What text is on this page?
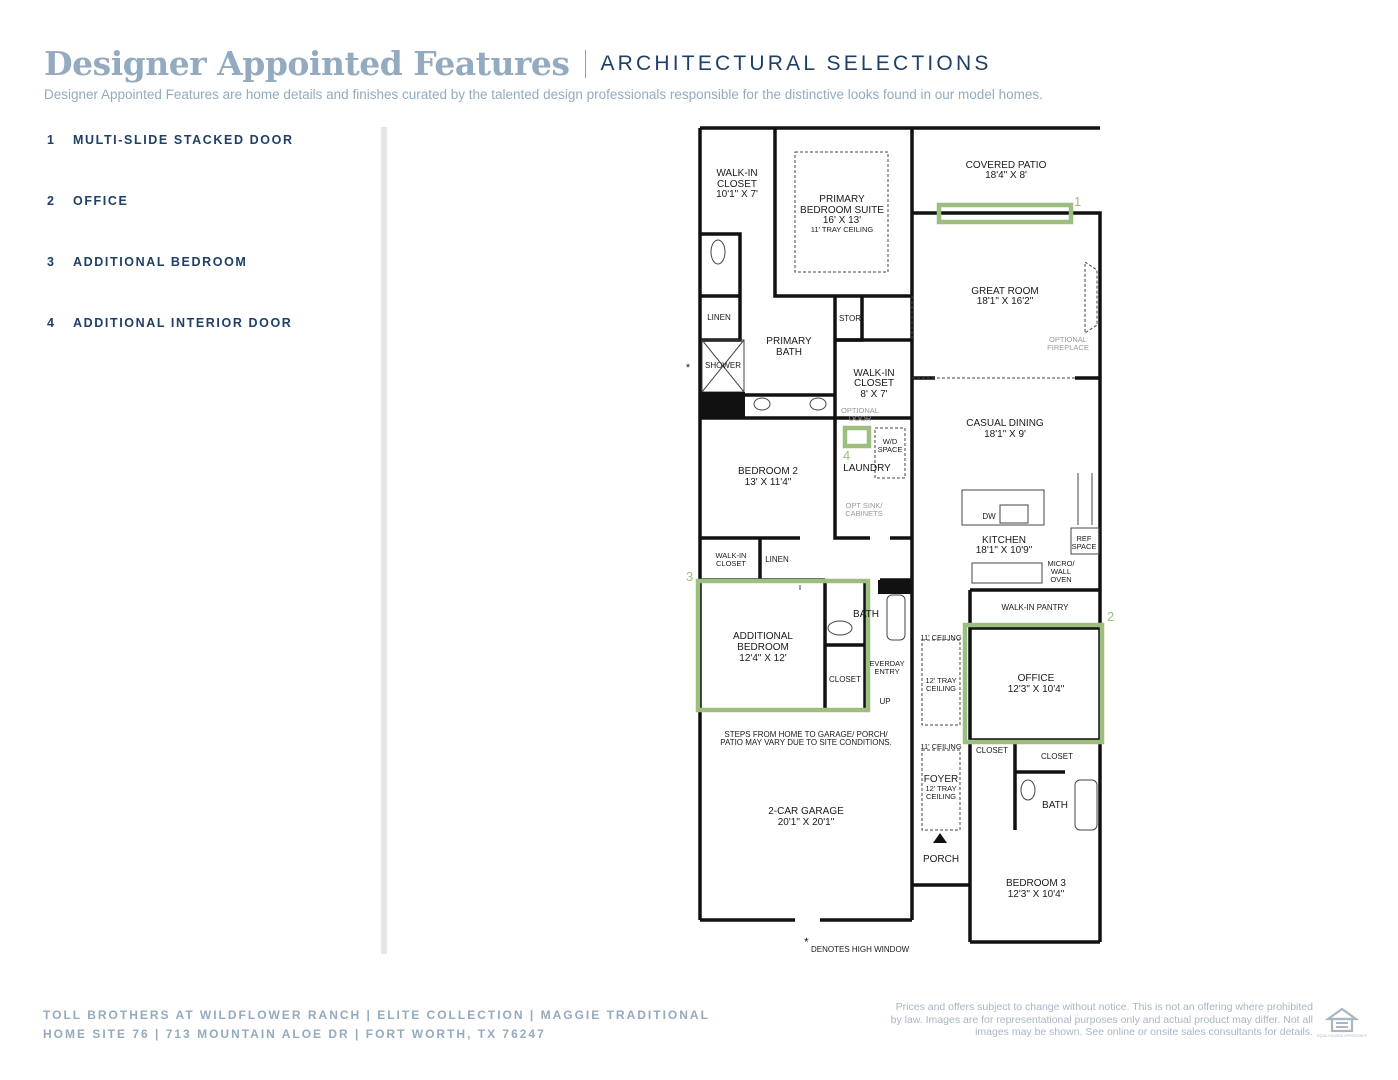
Designer Appointed Features ARCHITECTURAL SELECTIONS
Designer Appointed Features are home details and finishes curated by the talented design professionals responsible for the distinctive looks found in our model homes.
1	MULTI-SLIDE STACKED DOOR
2	OFFICE
3	ADDITIONAL BEDROOM
4	ADDITIONAL INTERIOR DOOR
1
2
3
4
WALK-IN
CLOSET
10'1" X 7'	PRIMARY
BEDROOM SUITE
16' X 13'
11' TRAY CEILING
COVERED PATIO
18'4" X 8'
GREAT ROOM
18'1" X 16'2"
OPTIONAL
FIREPLACE
LINEN
PRIMARY
BATH
STOR
SHOWER
*	WALK-IN
CLOSET
8' X 7'
OPTIONAL
DOOR	CASUAL DINING
18'1" X 9'
W/D
SPACE
LAUNDRY
BEDROOM 2
13' X 11'4"
OPT SINK/
CABINETS	DW
KITCHEN
18'1" X 10'9"
REF
SPACE
MICRO/
WALL
OVEN
WALK-IN
CLOSET LINEN
BATH
WALK-IN PANTRY
11' CEILING
ADDITIONAL
BEDROOM
12'4" X 12'	EVERDAY
ENTRY
CLOSET
UP
12' TRAY
CEILING
OFFICE
12'3" X 10'4"
STEPS FROM HOME TO GARAGE/ PORCH/
PATIO MAY VARY DUE TO SITE CONDITIONS.	11' CEILING CLOSET
CLOSET
FOYER
12' TRAY
CEILING
BATH
2-CAR GARAGE
20'1" X 20'1"
PORCH
BEDROOM 3
12'3" X 10'4"
*
DENOTES HIGH WINDOW
TOLL BROTHERS AT WILDFLOWER RANCH | ELITE COLLECTION | MAGGIE TRADITIONAL
HOME SITE 76 | 713 MOUNTAIN ALOE DR | FORT WORTH, TX 76247
Prices and offers subject to change without notice. This is not an offering where prohibited by law. Images are for representational purposes only and actual product may differ. Not all images may be shown. See online or onsite sales consultants for details. EQUAL HOUSING OPPORTUNITY
